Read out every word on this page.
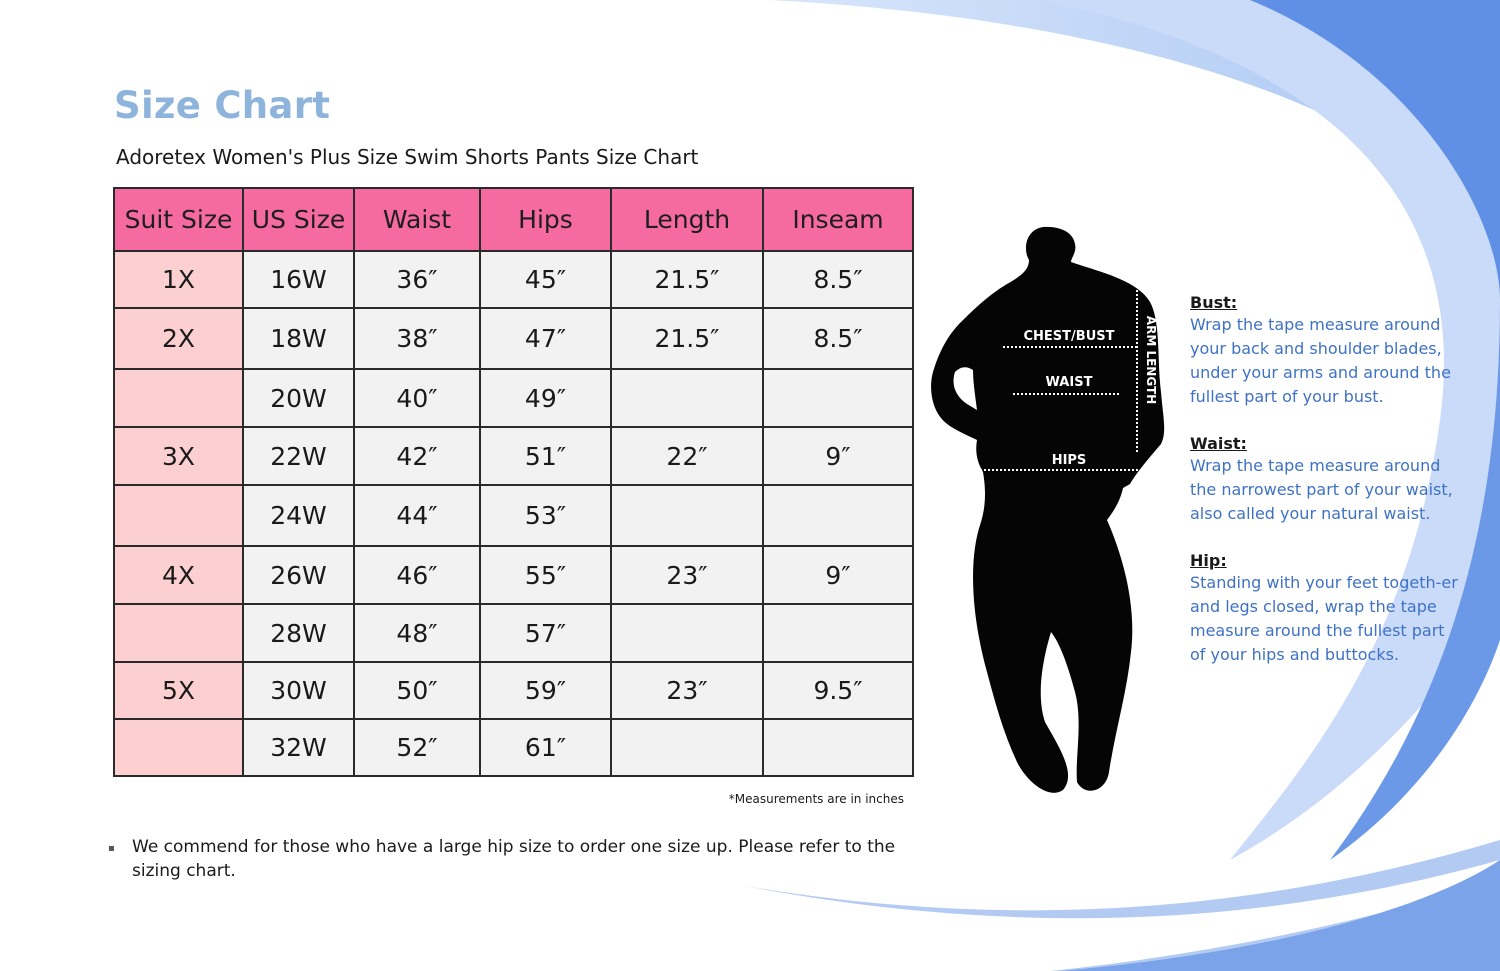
Size Chart

Adoretex Women's Plus Size Swim Shorts Pants Size Chart

Suit Size	US Size	Waist	Hips	Length	Inseam
1X	16W	36″	45″	21.5″	8.5″
2X	18W	38″	47″	21.5″	8.5″
	20W	40″	49″		
3X	22W	42″	51″	22″	9″
	24W	44″	53″		
4X	26W	46″	55″	23″	9″
	28W	48″	57″		
5X	30W	50″	59″	23″	9.5″
	32W	52″	61″		
*Measurements are in inches
▪ We commend for those who have a large hip size to order one size up. Please refer to the sizing chart.
CHEST/BUST
WAIST
HIPS
ARM LENGTH
Bust:
Wrap the tape measure around your back and shoulder blades, under your arms and around the fullest part of your bust.
Waist:
Wrap the tape measure around the narrowest part of your waist, also called your natural waist.
Hip:
Standing with your feet togeth-er and legs closed, wrap the tape measure around the fullest part of your hips and buttocks.
